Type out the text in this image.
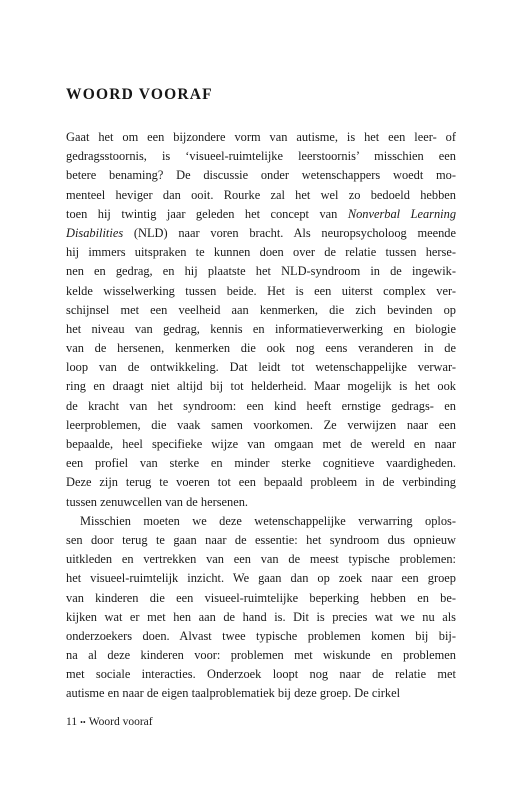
WOORD VOORAF
Gaat het om een bijzondere vorm van autisme, is het een leer- of
gedragsstoornis, is ‘visueel-ruimtelijke leerstoornis’ misschien een
betere benaming? De discussie onder wetenschappers woedt mo-
menteel heviger dan ooit. Rourke zal het wel zo bedoeld hebben
toen hij twintig jaar geleden het concept van Nonverbal Learning
Disabilities (NLD) naar voren bracht. Als neuropsycholoog meende
hij immers uitspraken te kunnen doen over de relatie tussen herse-
nen en gedrag, en hij plaatste het NLD-syndroom in de ingewik-
kelde wisselwerking tussen beide. Het is een uiterst complex ver-
schijnsel met een veelheid aan kenmerken, die zich bevinden op
het niveau van gedrag, kennis en informatieverwerking en biologie
van de hersenen, kenmerken die ook nog eens veranderen in de
loop van de ontwikkeling. Dat leidt tot wetenschappelijke verwar-
ring en draagt niet altijd bij tot helderheid. Maar mogelijk is het ook
de kracht van het syndroom: een kind heeft ernstige gedrags- en
leerproblemen, die vaak samen voorkomen. Ze verwijzen naar een
bepaalde, heel specifieke wijze van omgaan met de wereld en naar
een profiel van sterke en minder sterke cognitieve vaardigheden.
Deze zijn terug te voeren tot een bepaald probleem in de verbinding
tussen zenuwcellen van de hersenen.
Misschien moeten we deze wetenschappelijke verwarring oplos-
sen door terug te gaan naar de essentie: het syndroom dus opnieuw
uitkleden en vertrekken van een van de meest typische problemen:
het visueel-ruimtelijk inzicht. We gaan dan op zoek naar een groep
van kinderen die een visueel-ruimtelijke beperking hebben en be-
kijken wat er met hen aan de hand is. Dit is precies wat we nu als
onderzoekers doen. Alvast twee typische problemen komen bij bij-
na al deze kinderen voor: problemen met wiskunde en problemen
met sociale interacties. Onderzoek loopt nog naar de relatie met
autisme en naar de eigen taalproblematiek bij deze groep. De cirkel
11 •• Woord vooraf
